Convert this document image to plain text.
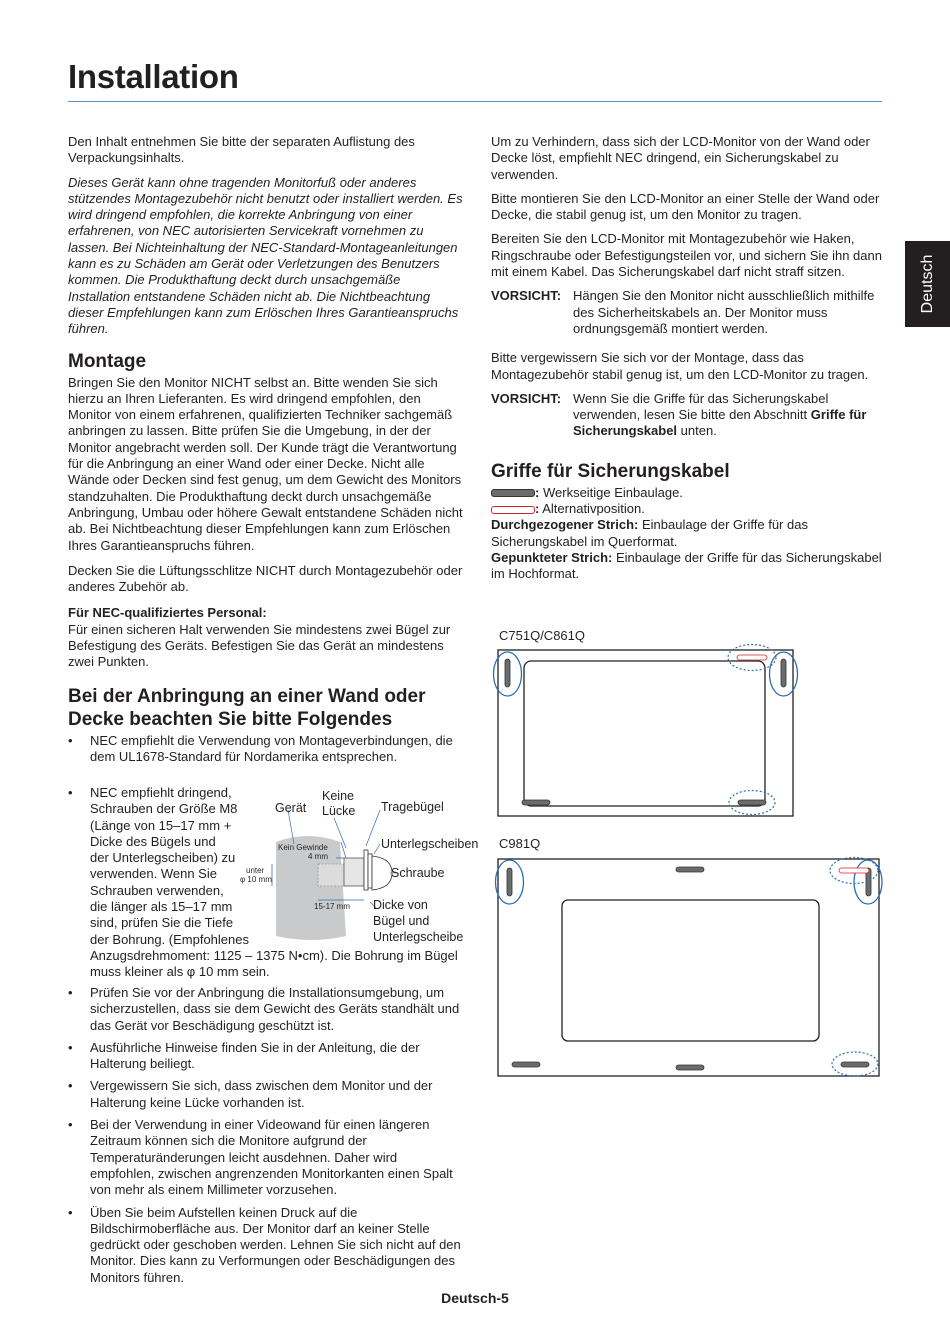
Installation
Deutsch

Den Inhalt entnehmen Sie bitte der separaten Auflistung des Verpackungsinhalts.

Dieses Gerät kann ohne tragenden Monitorfuß oder anderes stützendes Montagezubehör nicht benutzt oder installiert werden. Es wird dringend empfohlen, die korrekte Anbringung von einer erfahrenen, von NEC autorisierten Servicekraft vornehmen zu lassen. Bei Nichteinhaltung der NEC-Standard-Montageanleitungen kann es zu Schäden am Gerät oder Verletzungen des Benutzers kommen. Die Produkthaftung deckt durch unsachgemäße Installation entstandene Schäden nicht ab. Die Nichtbeachtung dieser Empfehlungen kann zum Erlöschen Ihres Garantieanspruchs führen.

Montage

Bringen Sie den Monitor NICHT selbst an. Bitte wenden Sie sich hierzu an Ihren Lieferanten. Es wird dringend empfohlen, den Monitor von einem erfahrenen, qualifizierten Techniker sachgemäß anbringen zu lassen. Bitte prüfen Sie die Umgebung, in der der Monitor angebracht werden soll. Der Kunde trägt die Verantwortung für die Anbringung an einer Wand oder einer Decke. Nicht alle Wände oder Decken sind fest genug, um dem Gewicht des Monitors standzuhalten. Die Produkthaftung deckt durch unsachgemäße Anbringung, Umbau oder höhere Gewalt entstandene Schäden nicht ab. Bei Nichtbeachtung dieser Empfehlungen kann zum Erlöschen Ihres Garantieanspruchs führen.

Decken Sie die Lüftungsschlitze NICHT durch Montagezubehör oder anderes Zubehör ab.

Für NEC-qualifiziertes Personal:

Für einen sicheren Halt verwenden Sie mindestens zwei Bügel zur Befestigung des Geräts. Befestigen Sie das Gerät an mindestens zwei Punkten.

Bei der Anbringung an einer Wand oder Decke beachten Sie bitte Folgendes
• NEC empfiehlt die Verwendung von Montageverbindungen, die dem UL1678-Standard für Nordamerika entsprechen.
• NEC empfiehlt dringend,
Schrauben der Größe M8
(Länge von 15–17 mm +
Dicke des Bügels und
der Unterlegscheiben) zu
verwenden. Wenn Sie
Schrauben verwenden,
die länger als 15–17 mm
sind, prüfen Sie die Tiefe
der Bohrung. (Empfohlenes
Anzugsdrehmoment: 1125 – 1375 N•cm). Die Bohrung im Bügel muss kleiner als φ 10 mm sein.
• Prüfen Sie vor der Anbringung die Installationsumgebung, um sicherzustellen, dass sie dem Gewicht des Geräts standhält und das Gerät vor Beschädigung geschützt ist.
• Ausführliche Hinweise finden Sie in der Anleitung, die der Halterung beiliegt.
• Vergewissern Sie sich, dass zwischen dem Monitor und der Halterung keine Lücke vorhanden ist.
• Bei der Verwendung in einer Videowand für einen längeren Zeitraum können sich die Monitore aufgrund der Temperaturänderungen leicht ausdehnen. Daher wird empfohlen, zwischen angrenzenden Monitorkanten einen Spalt von mehr als einem Millimeter vorzusehen.
• Üben Sie beim Aufstellen keinen Druck auf die Bildschirmoberfläche aus. Der Monitor darf an keiner Stelle gedrückt oder geschoben werden. Lehnen Sie sich nicht auf den Monitor. Dies kann zu Verformungen oder Beschädigungen des Monitors führen.
Gerät
Keine
Lücke Tragebügel
Unterlegscheiben
Schraube
Dicke von
Bügel und
Unterlegscheibe
Kein Gewinde
4 mm
unter
φ 10 mm
15-17 mm

Um zu Verhindern, dass sich der LCD-Monitor von der Wand oder Decke löst, empfiehlt NEC dringend, ein Sicherungskabel zu verwenden.

Bitte montieren Sie den LCD-Monitor an einer Stelle der Wand oder Decke, die stabil genug ist, um den Monitor zu tragen.

Bereiten Sie den LCD-Monitor mit Montagezubehör wie Haken, Ringschraube oder Befestigungsteilen vor, und sichern Sie ihn dann mit einem Kabel. Das Sicherungskabel darf nicht straff sitzen.

VORSICHT: Hängen Sie den Monitor nicht ausschließlich mithilfe des Sicherheitskabels an. Der Monitor muss ordnungsgemäß montiert werden.

Bitte vergewissern Sie sich vor der Montage, dass das Montagezubehör stabil genug ist, um den LCD-Monitor zu tragen.

VORSICHT: Wenn Sie die Griffe für das Sicherungskabel verwenden, lesen Sie bitte den Abschnitt Griffe für Sicherungskabel unten.
Griffe für Sicherungskabel
: Werkseitige Einbaulage.
: Alternativposition.
Durchgezogener Strich: Einbaulage der Griffe für das Sicherungskabel im Querformat.
Gepunkteter Strich: Einbaulage der Griffe für das Sicherungskabel im Hochformat.
C751Q/C861Q
C981Q
Deutsch-5
